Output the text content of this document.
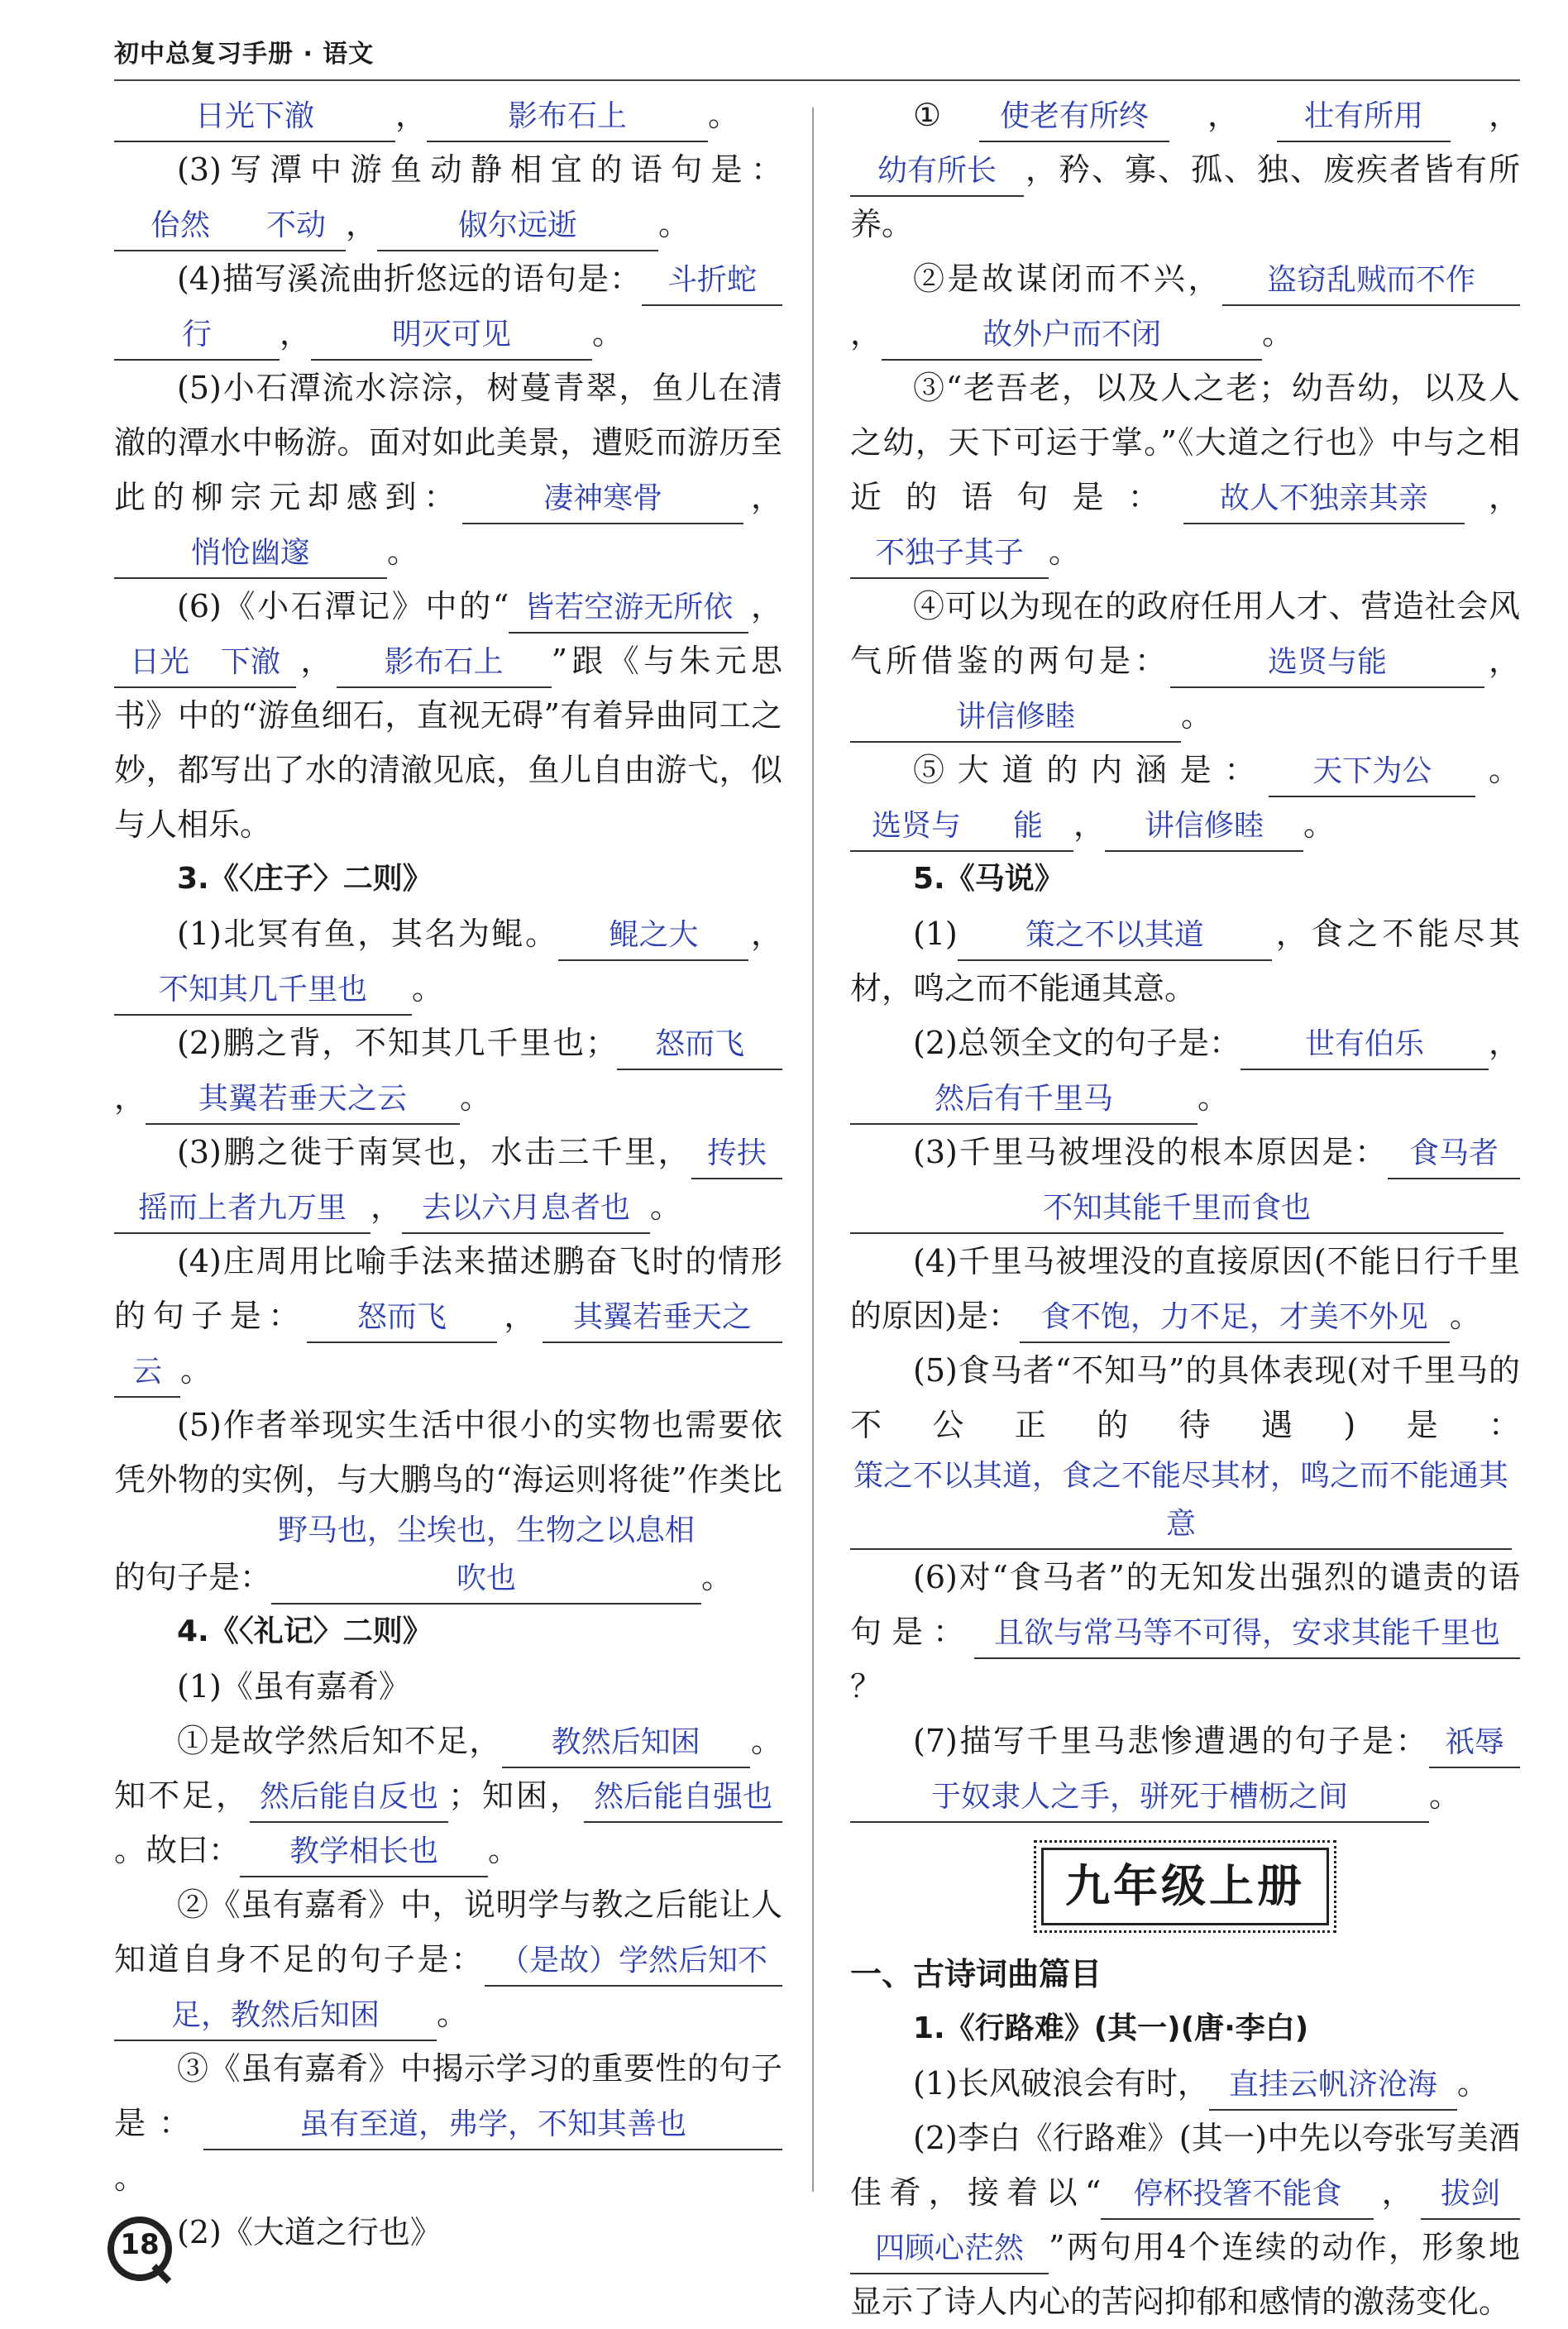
初中总复习手册 · 语文

日光下澈	，	影布石上	。

(3)写潭中游鱼动静相宜的语句是：佁然 不动 ，	俶尔远逝	。

(4)描写溪流曲折悠远的语句是： 斗折蛇行 ，	明灭可见	。

(5)小石潭流水淙淙，树蔓青翠，鱼儿在清澈的潭水中畅游。面对如此美景，遭贬而游历至此的柳宗元却感到：	凄神寒骨	，悄怆幽邃 。

(6)《小石潭记》中的“ 皆若空游无所依 ，日光 下澈 ， 影布石上 ”跟《与朱元思书》中的“游鱼细石，直视无碍”有着异曲同工之妙，都写出了水的清澈见底，鱼儿自由游弋，似与人相乐。

3.《〈庄子〉二则》

(1)北冥有鱼，其名为鲲。 鲲之大 ，不知其几千里也 。

(2)鹏之背，不知其几千里也； 怒而飞， 其翼若垂天之云 。

(3)鹏之徙于南冥也，水击三千里， 抟扶摇而上者九万里 ， 去以六月息者也 。

(4)庄周用比喻手法来描述鹏奋飞时的情形的句子是： 怒而飞 ， 其翼若垂天之云 。

(5)作者举现实生活中很小的实物也需要依凭外物的实例，与大鹏鸟的“海运则将徙”作类比的句子是：野马也，尘埃也，生物之以息相吹也	。

4.《〈礼记〉二则》

(1)《虽有嘉肴》

①是故学然后知不足， 教然后知困 。知不足， 然后能自反也 ；知困， 然后能自强也。故曰： 教学相长也 。

②《虽有嘉肴》中，说明学与教之后能让人知道自身不足的句子是： （是故）学然后知不足，教然后知困 。

③《虽有嘉肴》中揭示学习的重要性的句子是：	虽有至道，弗学，不知其善也。

(2)《大道之行也》

① 使老有所终 ， 壮有所用 ，幼有所长 ，矜、寡、孤、独、废疾者皆有所养。

②是故谋闭而不兴， 盗窃乱贼而不作，	故外户而不闭	。

③“老吾老，以及人之老；幼吾幼，以及人之幼，天下可运于掌。”《大道之行也》中与之相近的语句是： 故人不独亲其亲 ，不独子其子 。

④可以为现在的政府任用人才、营造社会风气所借鉴的两句是：	选贤与能	，讲信修睦	。

⑤大道的内涵是： 天下为公 。选贤与 能 ， 讲信修睦 。

5.《马说》

(1) 策之不以其道 ，食之不能尽其材，鸣之而不能通其意。

(2)总领全文的句子是： 世有伯乐 ，然后有千里马	。

(3)千里马被埋没的根本原因是： 食马者不知其能千里而食也

(4)千里马被埋没的直接原因(不能日行千里的原因)是： 食不饱，力不足，才美不外见 。

(5)食马者“不知马”的具体表现(对千里马的不公正的待遇)是：策之不以其道，食之不能尽其材，鸣之而不能通其意

(6)对“食马者”的无知发出强烈的谴责的语句是： 且欲与常马等不可得，安求其能千里也？

(7)描写千里马悲惨遭遇的句子是： 祇辱于奴隶人之手，骈死于槽枥之间	。

九年级上册

一、古诗词曲篇目

1.《行路难》(其一)(唐·李白)

(1)长风破浪会有时， 直挂云帆济沧海 。

(2)李白《行路难》(其一)中先以夸张写美酒佳肴，接着以“ 停杯投箸不能食 ， 拔剑四顾心茫然 ”两句用4个连续的动作，形象地显示了诗人内心的苦闷抑郁和感情的激荡变化。

18
